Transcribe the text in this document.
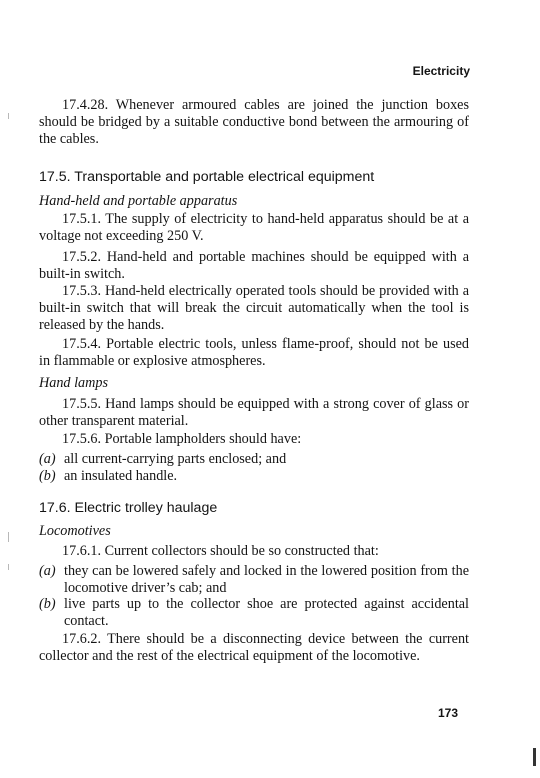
Electricity

17.4.28. Whenever armoured cables are joined the junction boxes should be bridged by a suitable conductive bond between the armouring of the cables.

17.5. Transportable and portable electrical equipment
Hand-held and portable apparatus

17.5.1. The supply of electricity to hand-held apparatus should be at a voltage not exceeding 250 V.

17.5.2. Hand-held and portable machines should be equipped with a built-in switch.

17.5.3. Hand-held electrically operated tools should be provided with a built-in switch that will break the circuit automatically when the tool is released by the hands.

17.5.4. Portable electric tools, unless flame-proof, should not be used in flammable or explosive atmospheres.

Hand lamps

17.5.5. Hand lamps should be equipped with a strong cover of glass or other transparent material.

17.5.6. Portable lampholders should have:

(a) all current-carrying parts enclosed; and
(b) an insulated handle.
17.6. Electric trolley haulage
Locomotives

17.6.1. Current collectors should be so constructed that:

(a) they can be lowered safely and locked in the lowered position from the locomotive driver’s cab; and
(b) live parts up to the collector shoe are protected against accidental contact.

17.6.2. There should be a disconnecting device between the current collector and the rest of the electrical equipment of the locomotive.

173
